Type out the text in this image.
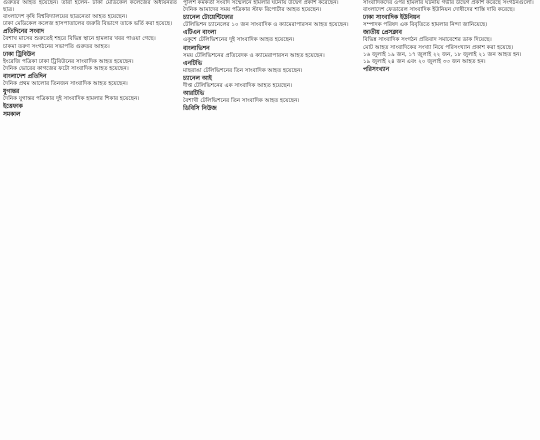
গুরুতর আহত হয়েছেন। তারা হলেন- ঢাকা মেডিকেল কলেজের অধ্যয়নরত ছাত্র।

বাংলাদেশ কৃষি বিশ্ববিদ্যালয়ের ছাত্রনেতা আহত হয়েছেন।

ঢাকা মেডিকেল কলেজ হাসপাতালের জরুরি বিভাগে তাকে ভর্তি করা হয়েছে।

প্রতিদিনের সংবাদ

বৈশাখ মাসের শুরুতেই শহরে বিভিন্ন স্থানে হামলার খবর পাওয়া গেছে।

চাকমা তরুণ সংগঠনের সভাপতি গুরুতর আহত।

ঢাকা ট্রিবিউন

ইংরেজি পত্রিকা ঢাকা ট্রিবিউনের সাংবাদিক আহত হয়েছেন।

দৈনিক ভোরের কাগজের ফটো সাংবাদিক আহত হয়েছেন।

বাংলাদেশ প্রতিদিন

দৈনিক প্রথম আলোর তিনজন সাংবাদিক আহত হয়েছেন।

যুগান্তর

দৈনিক যুগান্তর পত্রিকার দুই সাংবাদিক হামলার শিকার হয়েছেন।

ইত্তেফাক

সমকাল

পুলিশ কর্মকর্তা সংবাদ সম্মেলনে হামলার ঘটনায় উদ্বেগ প্রকাশ করেছেন।

দৈনিক আমাদের সময় পত্রিকার স্টাফ রিপোর্টার আহত হয়েছেন।

চ্যানেল টোয়েন্টিফোর

টেলিভিশন চ্যানেলের ১০ জন সাংবাদিক ও ক্যামেরাপারসন আহত হয়েছেন।

এটিএন বাংলা

একুশে টেলিভিশনের দুই সাংবাদিক আহত হয়েছেন।

বাংলাভিশন

সময় টেলিভিশনের প্রতিবেদক ও ক্যামেরাপারসন আহত হয়েছেন।

এনটিভি

মাছরাঙা টেলিভিশনের তিন সাংবাদিক আহত হয়েছেন।

চ্যানেল আই

দীপ্ত টেলিভিশনের এক সাংবাদিক আহত হয়েছেন।

আরটিভি

বৈশাখী টেলিভিশনের তিন সাংবাদিক আহত হয়েছেন।

ডিবিসি নিউজ

সাংবাদিকদের ওপর হামলার ঘটনায় গভীর উদ্বেগ প্রকাশ করেছে সংগঠনগুলো।

বাংলাদেশ ফেডারেল সাংবাদিক ইউনিয়ন দোষীদের শাস্তি দাবি করেছে।

ঢাকা সাংবাদিক ইউনিয়ন

সম্পাদক পরিষদ এক বিবৃতিতে হামলার নিন্দা জানিয়েছে।

জাতীয় প্রেসক্লাব

বিভিন্ন সাংবাদিক সংগঠন প্রতিবাদ সমাবেশের ডাক দিয়েছে।

মোট আহত সাংবাদিকের সংখ্যা নিয়ে পরিসংখ্যান প্রকাশ করা হয়েছে।

১৬ জুলাই ১৯ জন, ১৭ জুলাই ২২ জন, ১৮ জুলাই ২১ জন আহত হন।

১৯ জুলাই ২৪ জন এবং ২০ জুলাই ৩৩ জন আহত হন।

পরিসংখ্যান
